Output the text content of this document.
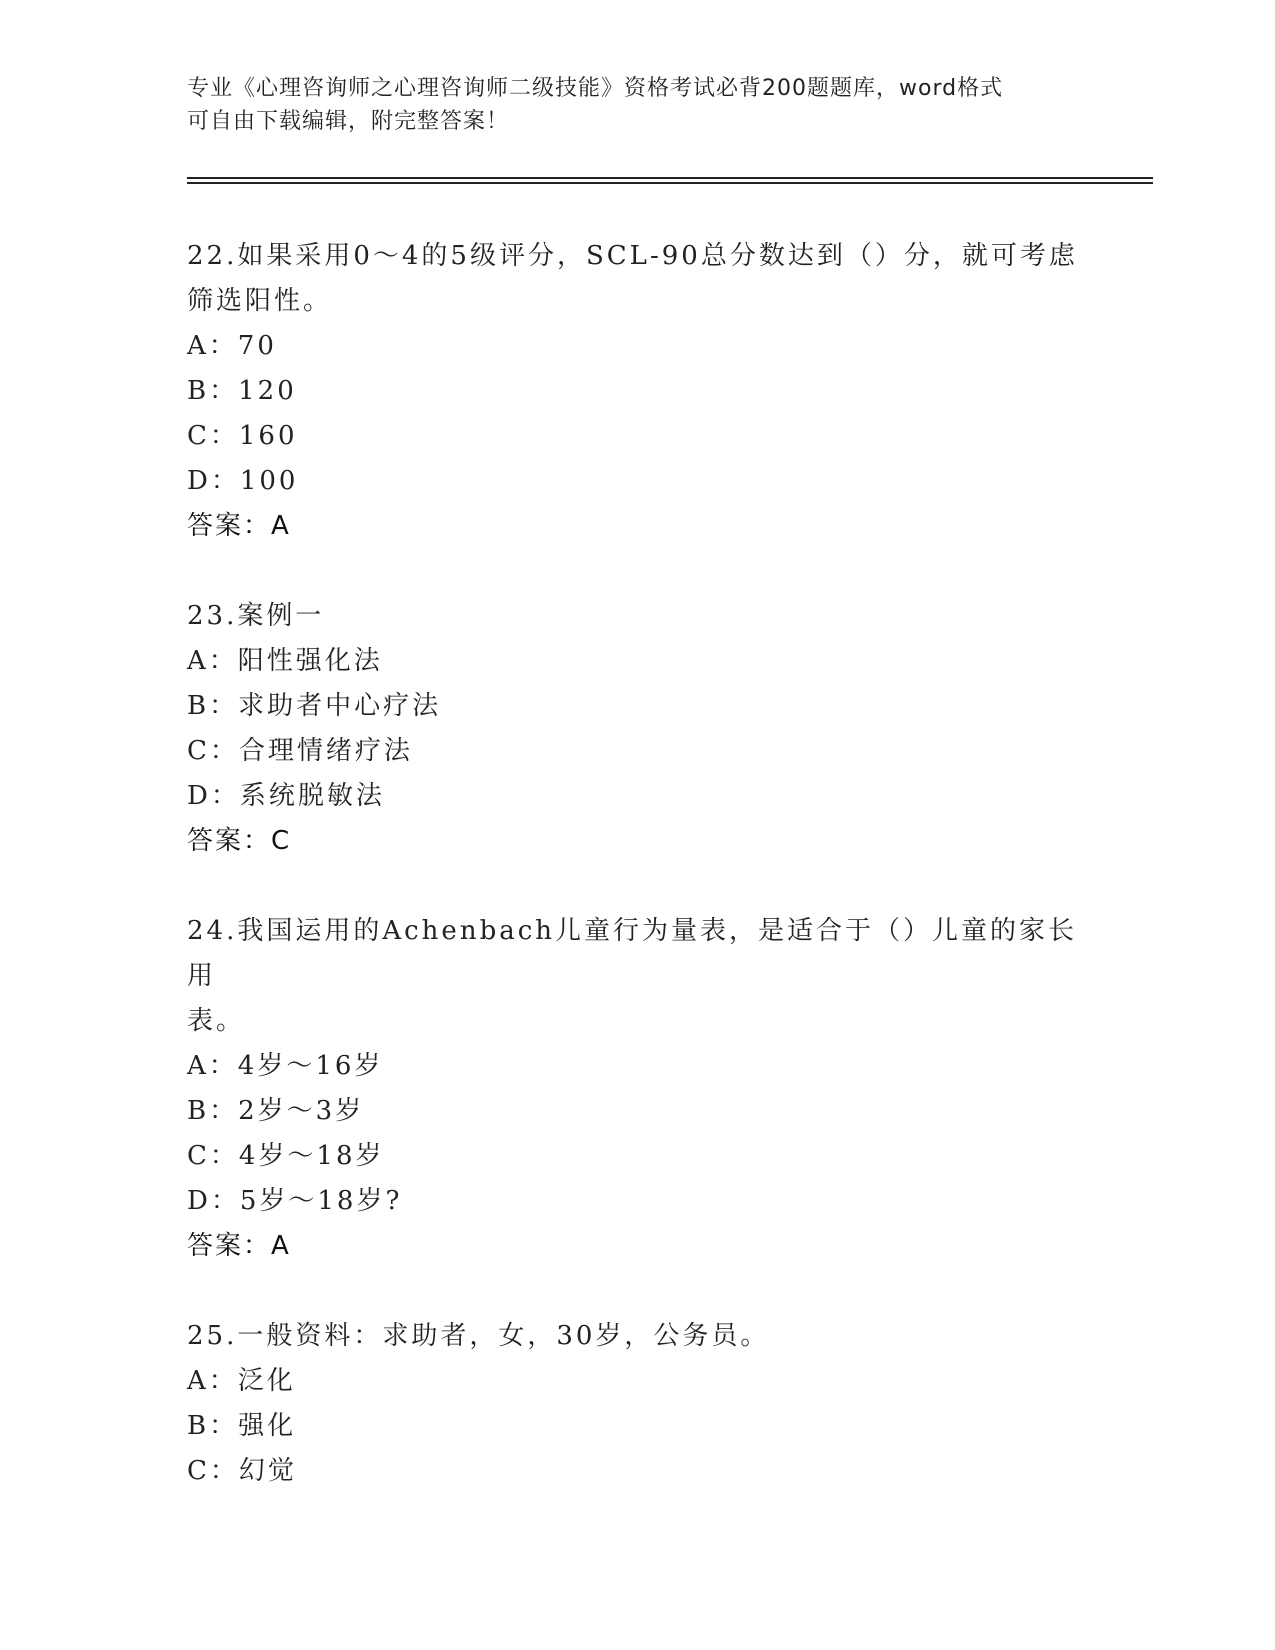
专业《心理咨询师之心理咨询师二级技能》资格考试必背200题题库，word格式
可自由下载编辑，附完整答案！

22.如果采用0～4的5级评分，SCL-90总分数达到（）分，就可考虑

筛选阳性。

A：70

B：120

C：160

D：100

答案：A

23.案例一

A：阳性强化法

B：求助者中心疗法

C：合理情绪疗法

D：系统脱敏法

答案：C

24.我国运用的Achenbach儿童行为量表，是适合于（）儿童的家长用

表。

A：4岁～16岁

B：2岁～3岁

C：4岁～18岁

D：5岁～18岁?

答案：A

25.一般资料：求助者，女，30岁，公务员。

A：泛化

B：强化

C：幻觉
